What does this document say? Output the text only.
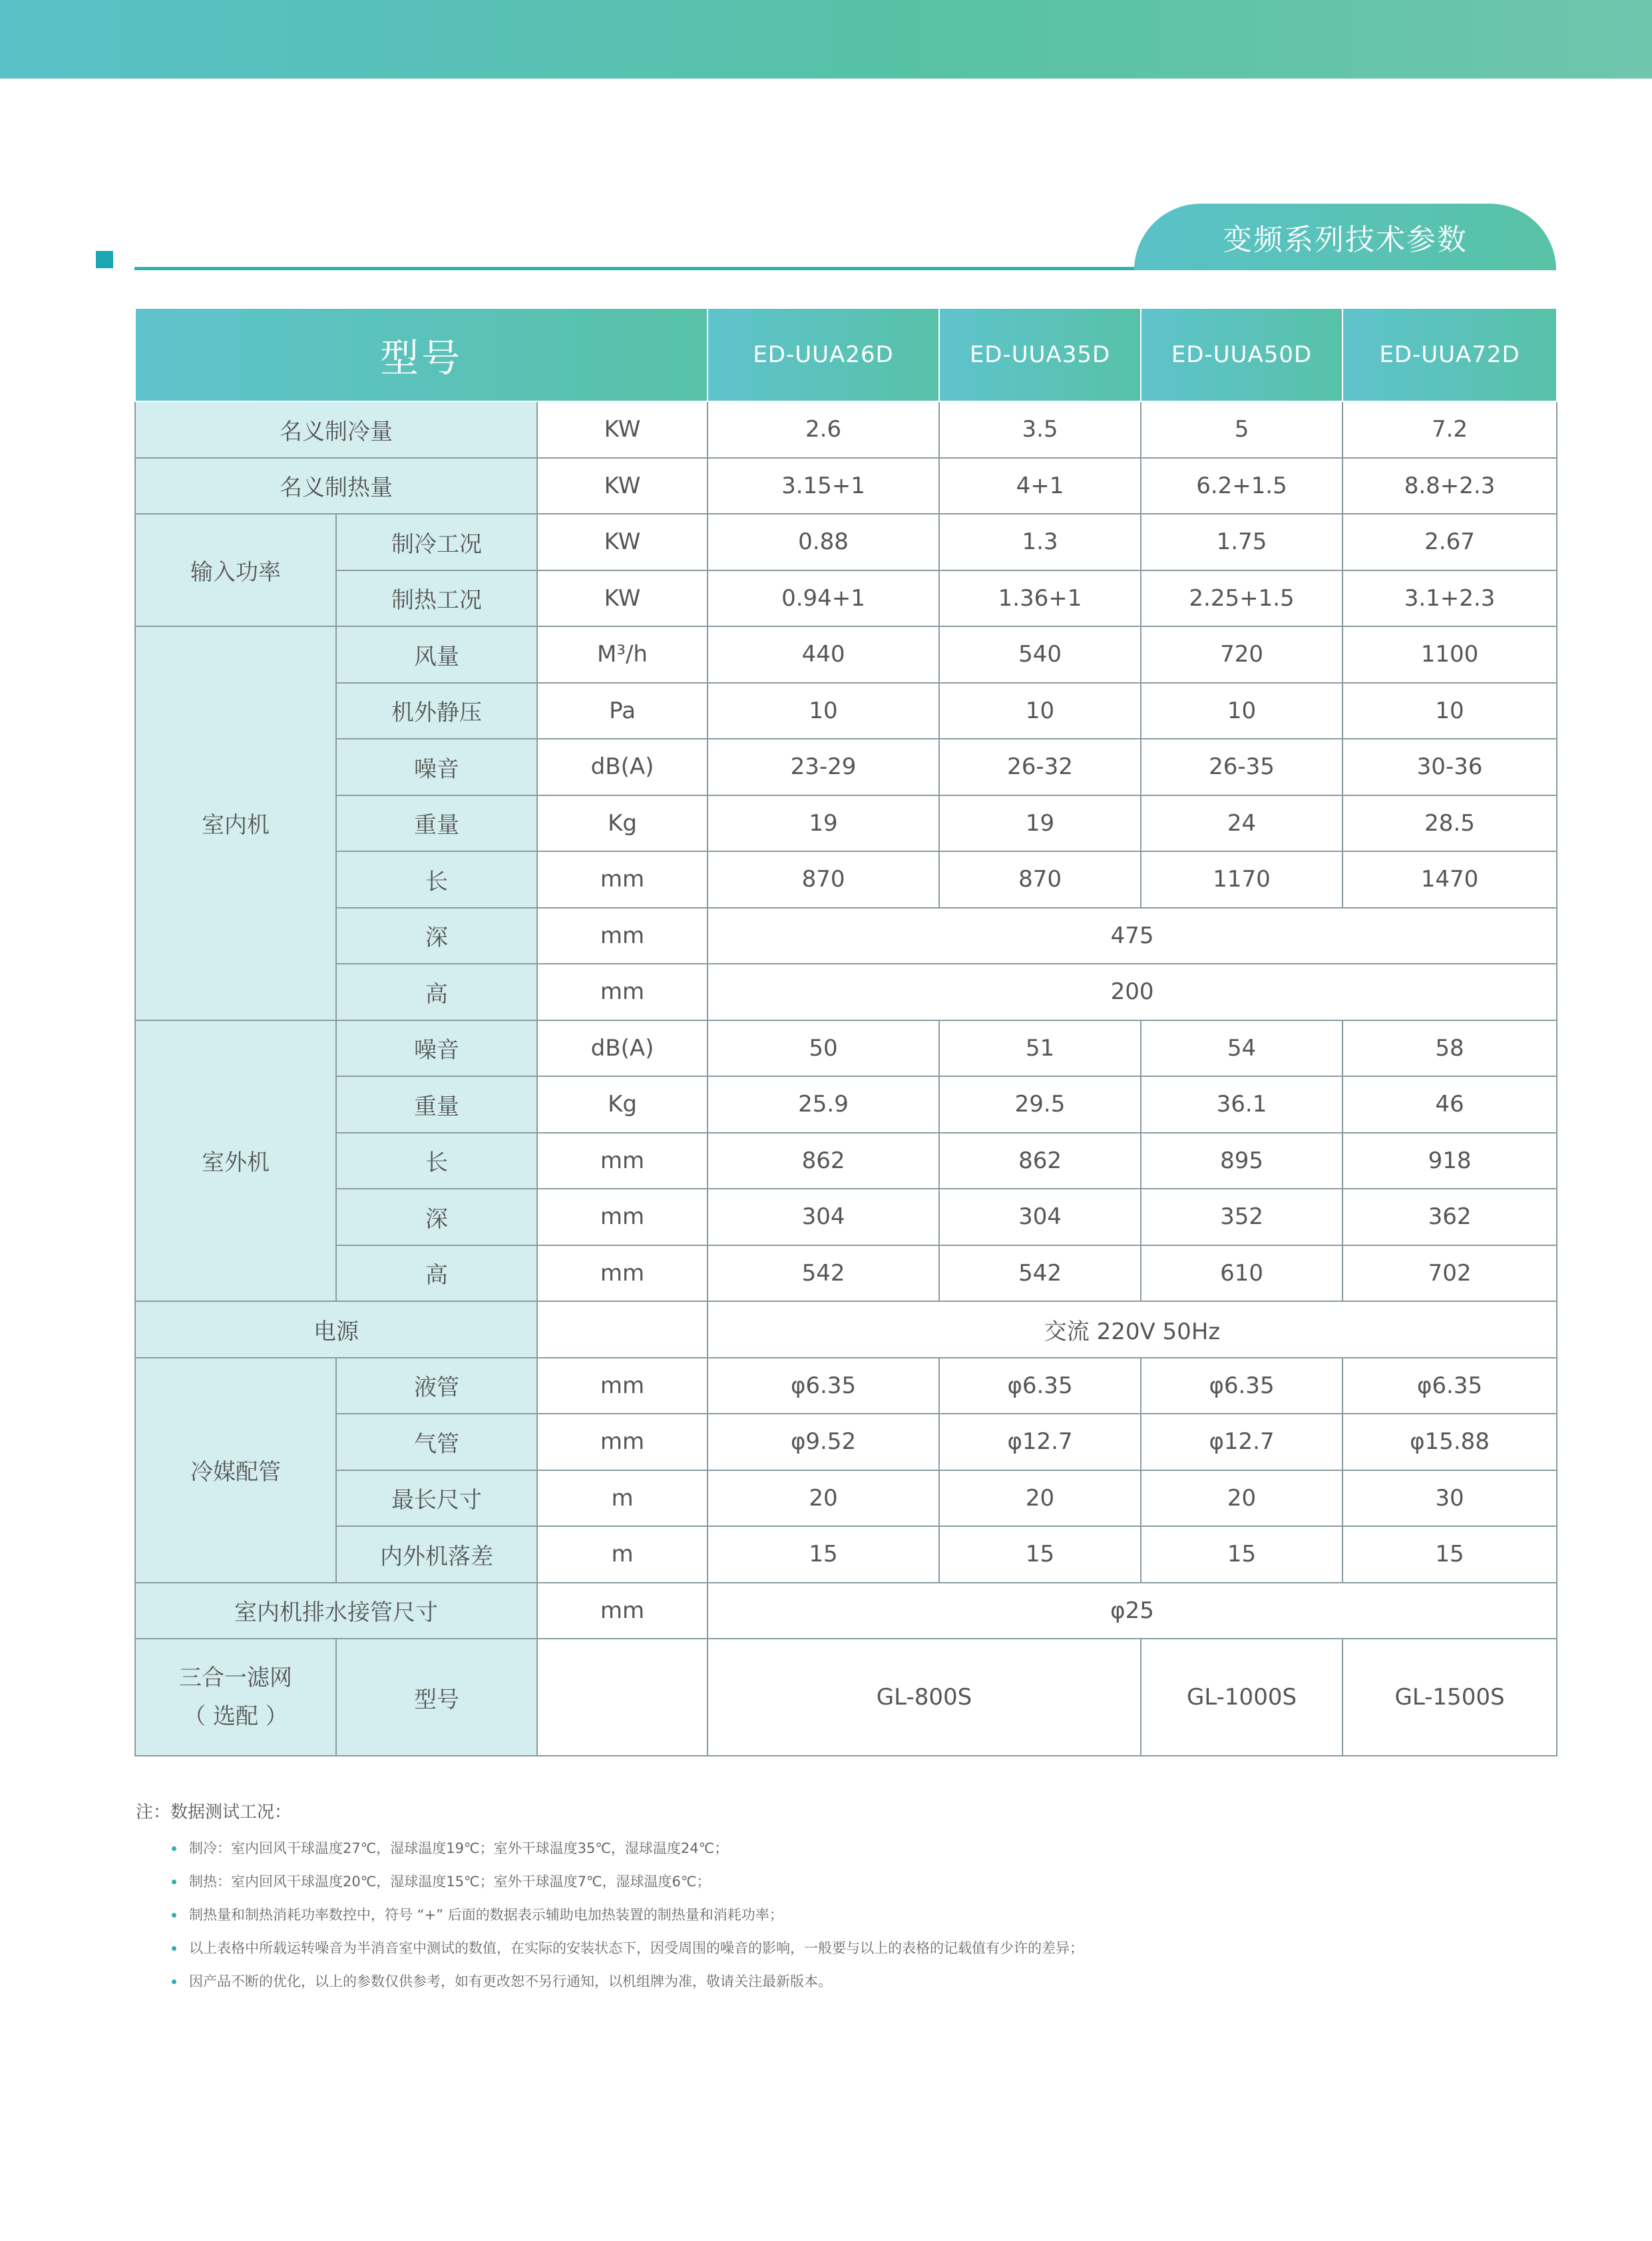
变频系列技术参数
型号			ED-UUA26D	ED-UUA35D	ED-UUA50D	ED-UUA72D
名义制冷量		KW	2.6	3.5	5	7.2
名义制热量		KW	3.15+1	4+1	6.2+1.5	8.8+2.3
输入功率	制冷工况	KW	0.88	1.3	1.75	2.67
	制热工况	KW	0.94+1	1.36+1	2.25+1.5	3.1+2.3
室内机	风量	M³/h	440	540	720	1100
	机外静压	Pa	10	10	10	10
	噪音	dB(A)	23-29	26-32	26-35	30-36
	重量	Kg	19	19	24	28.5
	长	mm	870	870	1170	1470
	深	mm	475			
	高	mm	200			
室外机	噪音	dB(A)	50	51	54	58
	重量	Kg	25.9	29.5	36.1	46
	长	mm	862	862	895	918
	深	mm	304	304	352	362
	高	mm	542	542	610	702
电源			交流 220V 50Hz			
冷媒配管	液管	mm	φ6.35	φ6.35	φ6.35	φ6.35
	气管	mm	φ9.52	φ12.7	φ12.7	φ15.88
	最长尺寸	m	20	20	20	30
	内外机落差	m	15	15	15	15
室内机排水接管尺寸		mm	φ25			

三合一滤网
（ 选配 ）	型号		GL-800S		GL-1000S	GL-1500S
注：数据测试工况：
制冷：室内回风干球温度27℃，湿球温度19℃；室外干球温度35℃，湿球温度24℃；
制热：室内回风干球温度20℃，湿球温度15℃；室外干球温度7℃，湿球温度6℃；
制热量和制热消耗功率数控中，符号 “+” 后面的数据表示辅助电加热装置的制热量和消耗功率；
以上表格中所载运转噪音为半消音室中测试的数值，在实际的安装状态下，因受周围的噪音的影响，一般要与以上的表格的记载值有少许的差异；
因产品不断的优化，以上的参数仅供参考，如有更改恕不另行通知，以机组牌为准，敬请关注最新版本。
